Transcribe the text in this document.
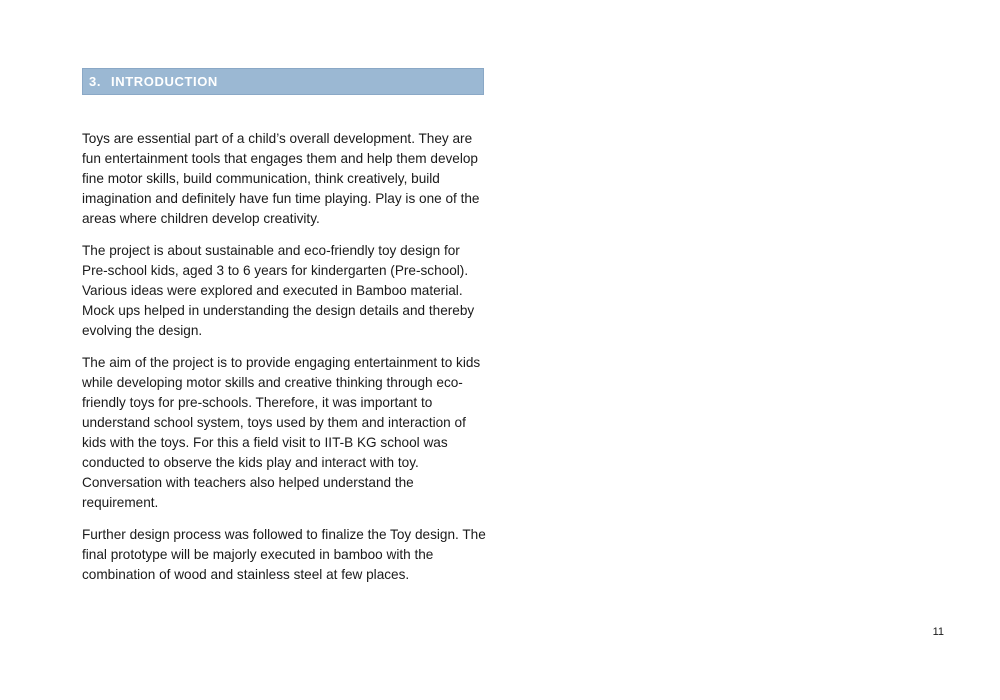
3. INTRODUCTION

Toys are essential part of a child’s overall development. They are fun entertainment tools that engages them and help them develop fine motor skills, build communication, think creatively, build imagination and definitely have fun time playing. Play is one of the areas where children develop creativity.

The project is about sustainable and eco-friendly toy design for Pre-school kids, aged 3 to 6 years for kindergarten (Pre-school). Various ideas were explored and executed in Bamboo material. Mock ups helped in understanding the design details and thereby evolving the design.

The aim of the project is to provide engaging entertainment to kids while developing motor skills and creative thinking through eco-friendly toys for pre-schools. Therefore, it was important to understand school system, toys used by them and interaction of kids with the toys. For this a field visit to IIT-B KG school was conducted to observe the kids play and interact with toy. Conversation with teachers also helped understand the requirement.

Further design process was followed to finalize the Toy design. The final prototype will be majorly executed in bamboo with the combination of wood and stainless steel at few places.

11
